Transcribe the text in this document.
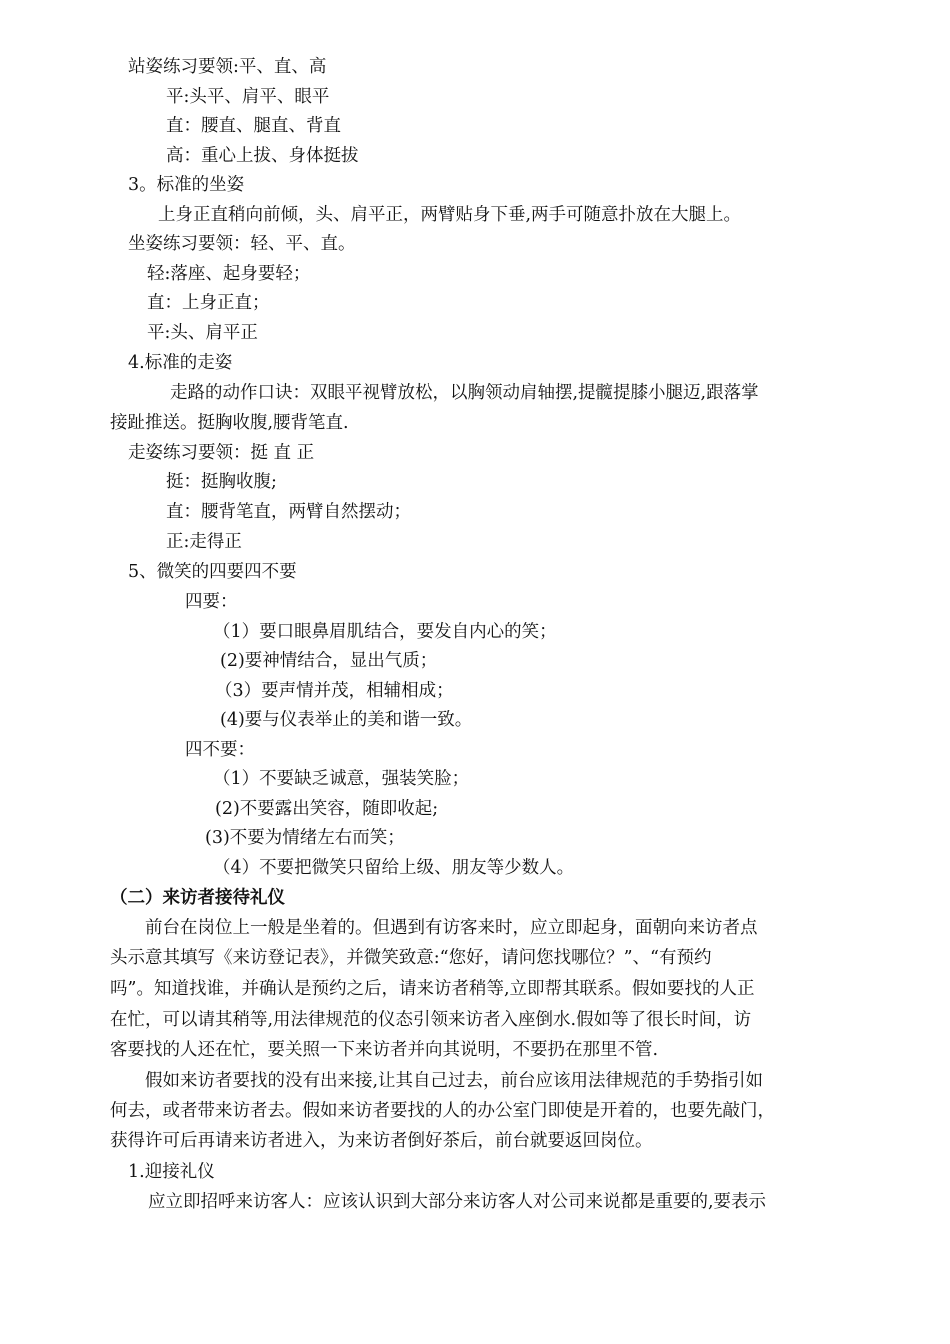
站姿练习要领:平、直、高
平:头平、肩平、眼平
直：腰直、腿直、背直
高：重心上拔、身体挺拔
3。标准的坐姿
上身正直稍向前倾，头、肩平正，两臂贴身下垂,两手可随意扑放在大腿上。
坐姿练习要领：轻、平、直。
轻:落座、起身要轻；
直：上身正直；
平:头、肩平正
4.标准的走姿
走路的动作口诀：双眼平视臂放松，以胸领动肩轴摆,提髋提膝小腿迈,跟落掌
接趾推送。挺胸收腹,腰背笔直.
走姿练习要领：挺 直 正
挺：挺胸收腹;
直：腰背笔直，两臂自然摆动；
正:走得正
5、微笑的四要四不要
四要：
（1）要口眼鼻眉肌结合，要发自内心的笑；
(2)要神情结合，显出气质；
（3）要声情并茂，相辅相成；
(4)要与仪表举止的美和谐一致。
四不要：
（1）不要缺乏诚意，强装笑脸；
(2)不要露出笑容，随即收起;
(3)不要为情绪左右而笑；
（4）不要把微笑只留给上级、朋友等少数人。
（二）来访者接待礼仪
前台在岗位上一般是坐着的。但遇到有访客来时，应立即起身，面朝向来访者点
头示意其填写《来访登记表》，并微笑致意:“您好，请问您找哪位？”、“有预约
吗”。知道找谁，并确认是预约之后，请来访者稍等,立即帮其联系。假如要找的人正
在忙，可以请其稍等,用法律规范的仪态引领来访者入座倒水.假如等了很长时间，访
客要找的人还在忙，要关照一下来访者并向其说明，不要扔在那里不管.
假如来访者要找的没有出来接,让其自己过去，前台应该用法律规范的手势指引如
何去，或者带来访者去。假如来访者要找的人的办公室门即使是开着的，也要先敲门，
获得许可后再请来访者进入，为来访者倒好茶后，前台就要返回岗位。
1.迎接礼仪
应立即招呼来访客人：应该认识到大部分来访客人对公司来说都是重要的,要表示
